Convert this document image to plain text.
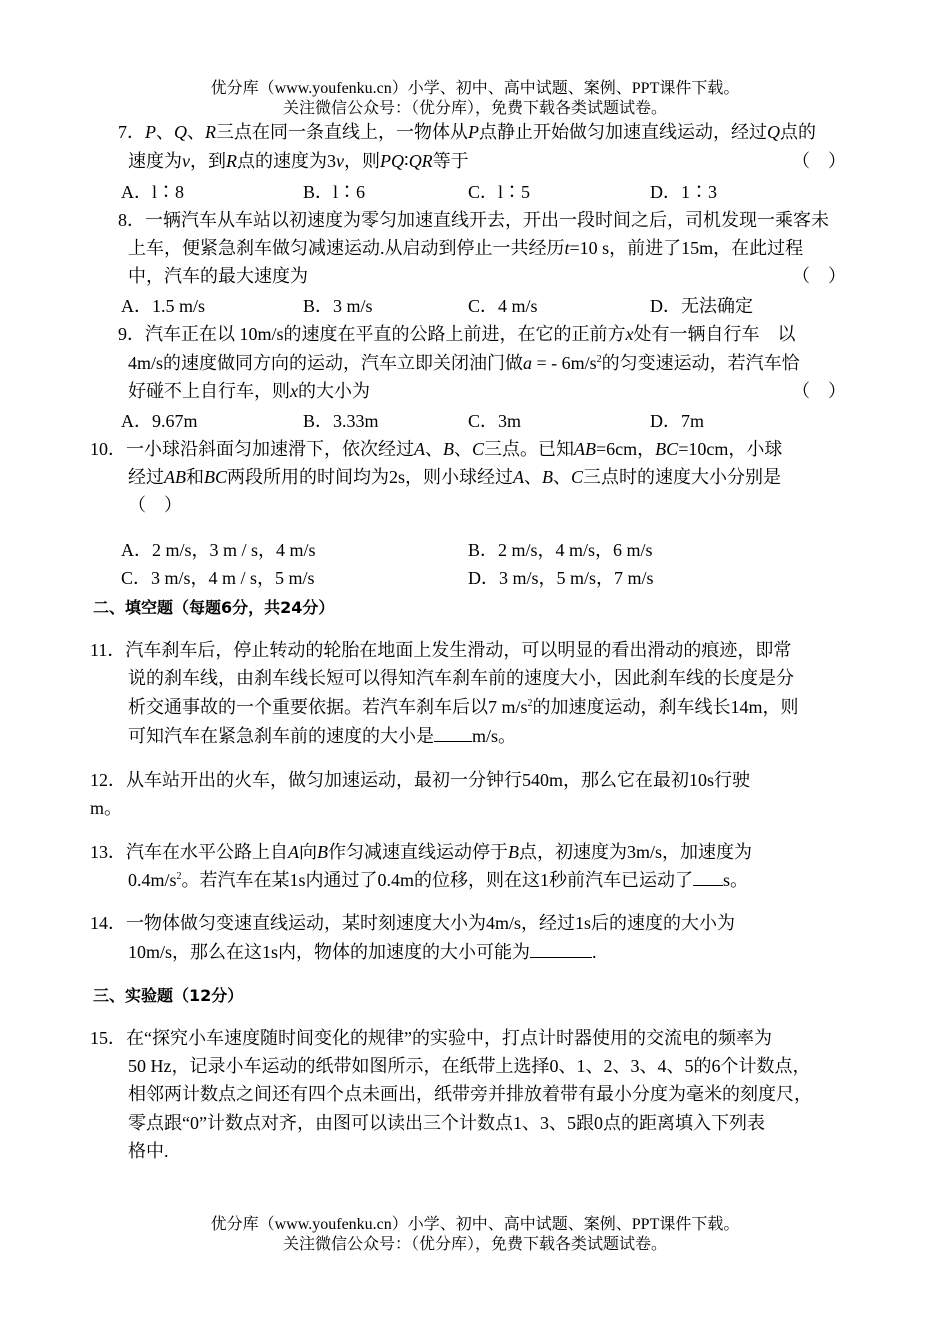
优分库（www.youfenku.cn）小学、初中、高中试题、案例、PPT课件下载。
关注微信公众号：（优分库），免费下载各类试题试卷。
7．P、Q、R三点在同一条直线上，一物体从P点静止开始做匀加速直线运动，经过Q点的
速度为v，到R点的速度为3v，则PQ∶QR等于	（　）
A．l∶8	B．l∶6	C．l∶5	D．1∶3
8．一辆汽车从车站以初速度为零匀加速直线开去，开出一段时间之后，司机发现一乘客未
上车，便紧急刹车做匀减速运动.从启动到停止一共经历t=10 s，前进了15m，在此过程
中，汽车的最大速度为	（　）
A．1.5 m/s	B．3 m/s	C．4 m/s	D．无法确定
9．汽车正在以 10m/s的速度在平直的公路上前进，在它的正前方x处有一辆自行车　以
4m/s的速度做同方向的运动，汽车立即关闭油门做a = - $6m/s^2$的匀变速运动，若汽车恰
好碰不上自行车，则x的大小为	（　）
A．9.67m	B．3.33m	C．3m	D．7m
10．一小球沿斜面匀加速滑下，依次经过A、B、C三点。已知AB=6cm，BC=10cm，小球
经过AB和BC两段所用的时间均为2s，则小球经过A、B、C三点时的速度大小分别是
（　）
A．2 m/s，3 m / s，4 m/s	B．2 m/s，4 m/s，6 m/s
C．3 m/s，4 m / s，5 m/s	D．3 m/s，5 m/s，7 m/s
二、填空题（每题6分，共24分）
11．汽车刹车后，停止转动的轮胎在地面上发生滑动，可以明显的看出滑动的痕迹，即常
说的刹车线，由刹车线长短可以得知汽车刹车前的速度大小，因此刹车线的长度是分
析交通事故的一个重要依据。若汽车刹车后以7 $m/s^2$的加速度运动，刹车线长14m，则
可知汽车在紧急刹车前的速度的大小是 m/s。
12．从车站开出的火车，做匀加速运动，最初一分钟行540m，那么它在最初10s行驶
m。
13．汽车在水平公路上自A向B作匀减速直线运动停于B点，初速度为3m/s，加速度为
$0.4m/s^2$。若汽车在某1s内通过了0.4m的位移，则在这1秒前汽车已运动了 s。
14．一物体做匀变速直线运动，某时刻速度大小为4m/s，经过1s后的速度的大小为
10m/s，那么在这1s内，物体的加速度的大小可能为	.
三、实验题（12分）
15．在“探究小车速度随时间变化的规律”的实验中，打点计时器使用的交流电的频率为
50 Hz，记录小车运动的纸带如图所示，在纸带上选择0、1、2、3、4、5的6个计数点，
相邻两计数点之间还有四个点未画出，纸带旁并排放着带有最小分度为毫米的刻度尺，
零点跟“0”计数点对齐，由图可以读出三个计数点1、3、5跟0点的距离填入下列表
格中.
优分库（www.youfenku.cn）小学、初中、高中试题、案例、PPT课件下载。
关注微信公众号：（优分库），免费下载各类试题试卷。
